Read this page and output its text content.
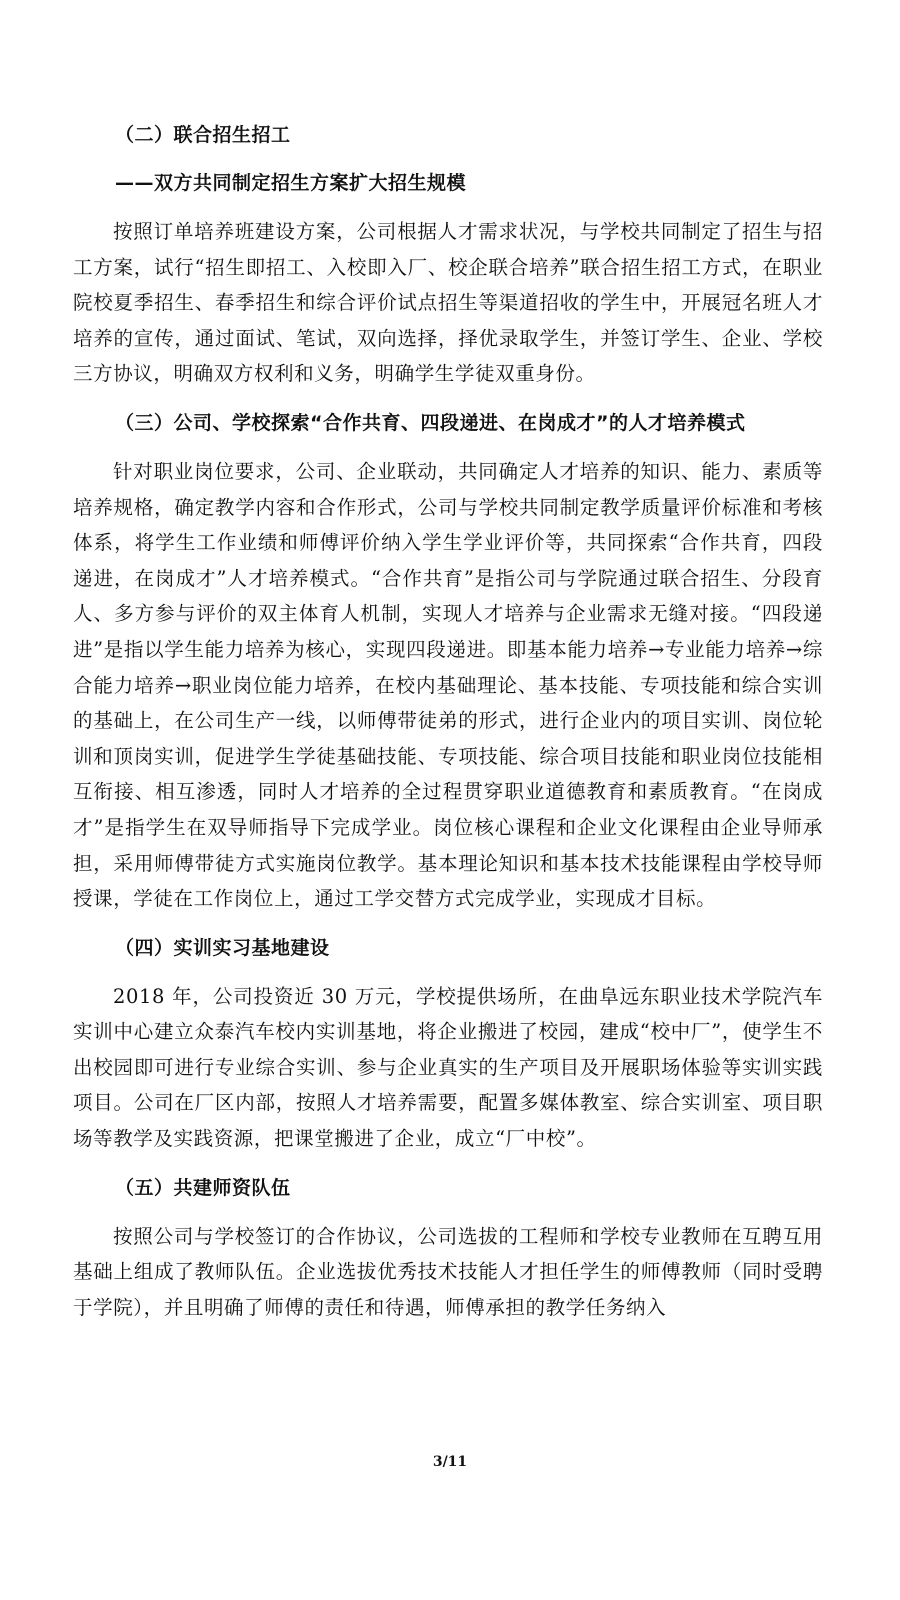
（二）联合招生招工
——双方共同制定招生方案扩大招生规模

按照订单培养班建设方案，公司根据人才需求状况，与学校共同制定了招生与招工方案，试行“招生即招工、入校即入厂、校企联合培养”联合招生招工方式，在职业院校夏季招生、春季招生和综合评价试点招生等渠道招收的学生中，开展冠名班人才培养的宣传，通过面试、笔试，双向选择，择优录取学生，并签订学生、企业、学校三方协议，明确双方权利和义务，明确学生学徒双重身份。

（三）公司、学校探索“合作共育、四段递进、在岗成才”的人才培养模式

针对职业岗位要求，公司、企业联动，共同确定人才培养的知识、能力、素质等培养规格，确定教学内容和合作形式，公司与学校共同制定教学质量评价标准和考核体系，将学生工作业绩和师傅评价纳入学生学业评价等，共同探索“合作共育，四段递进，在岗成才”人才培养模式。“合作共育”是指公司与学院通过联合招生、分段育人、多方参与评价的双主体育人机制，实现人才培养与企业需求无缝对接。“四段递进”是指以学生能力培养为核心，实现四段递进。即基本能力培养→专业能力培养→综合能力培养→职业岗位能力培养，在校内基础理论、基本技能、专项技能和综合实训的基础上，在公司生产一线，以师傅带徒弟的形式，进行企业内的项目实训、岗位轮训和顶岗实训，促进学生学徒基础技能、专项技能、综合项目技能和职业岗位技能相互衔接、相互渗透，同时人才培养的全过程贯穿职业道德教育和素质教育。“在岗成才”是指学生在双导师指导下完成学业。岗位核心课程和企业文化课程由企业导师承担，采用师傅带徒方式实施岗位教学。基本理论知识和基本技术技能课程由学校导师授课，学徒在工作岗位上，通过工学交替方式完成学业，实现成才目标。

（四）实训实习基地建设

2018 年，公司投资近 30 万元，学校提供场所，在曲阜远东职业技术学院汽车实训中心建立众泰汽车校内实训基地，将企业搬进了校园，建成“校中厂”，使学生不出校园即可进行专业综合实训、参与企业真实的生产项目及开展职场体验等实训实践项目。公司在厂区内部，按照人才培养需要，配置多媒体教室、综合实训室、项目职场等教学及实践资源，把课堂搬进了企业，成立“厂中校”。

（五）共建师资队伍

按照公司与学校签订的合作协议，公司选拔的工程师和学校专业教师在互聘互用基础上组成了教师队伍。企业选拔优秀技术技能人才担任学生的师傅教师（同时受聘于学院），并且明确了师傅的责任和待遇，师傅承担的教学任务纳入

3/11
